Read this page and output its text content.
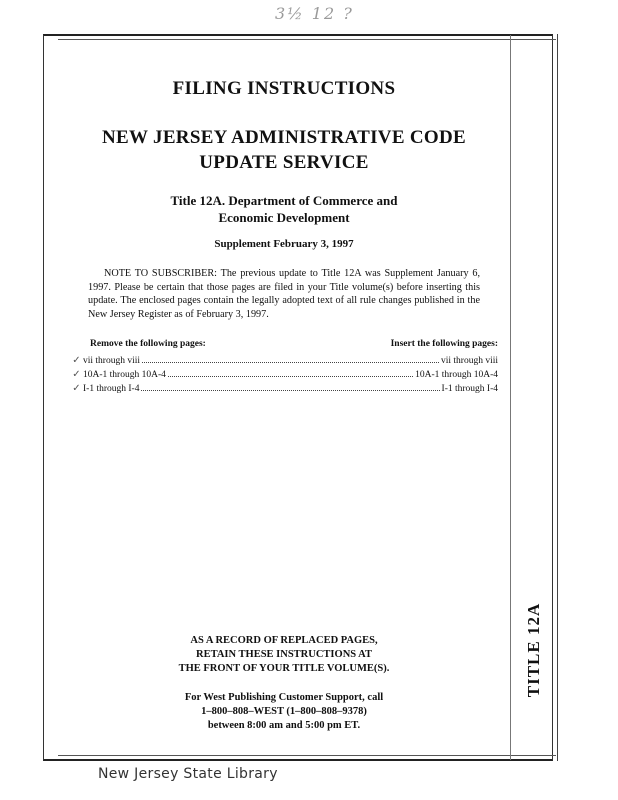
3½ 12 ?
FILING INSTRUCTIONS
NEW JERSEY ADMINISTRATIVE CODE
UPDATE SERVICE
Title 12A. Department of Commerce and
Economic Development
Supplement February 3, 1997
NOTE TO SUBSCRIBER: The previous update to Title 12A was Supplement January 6, 1997. Please be certain that those pages are filed in your Title volume(s) before inserting this update. The enclosed pages contain the legally adopted text of all rule changes published in the New Jersey Register as of February 3, 1997.
Remove the following pages:	Insert the following pages:
✓ vii through viii	vii through viii
✓ 10A-1 through 10A-4	10A-1 through 10A-4
✓ I-1 through I-4	I-1 through I-4
AS A RECORD OF REPLACED PAGES,
RETAIN THESE INSTRUCTIONS AT
THE FRONT OF YOUR TITLE VOLUME(S).
For West Publishing Customer Support, call
1–800–808–WEST (1–800–808–9378)
between 8:00 am and 5:00 pm ET.
TITLE 12A
New Jersey State Library
